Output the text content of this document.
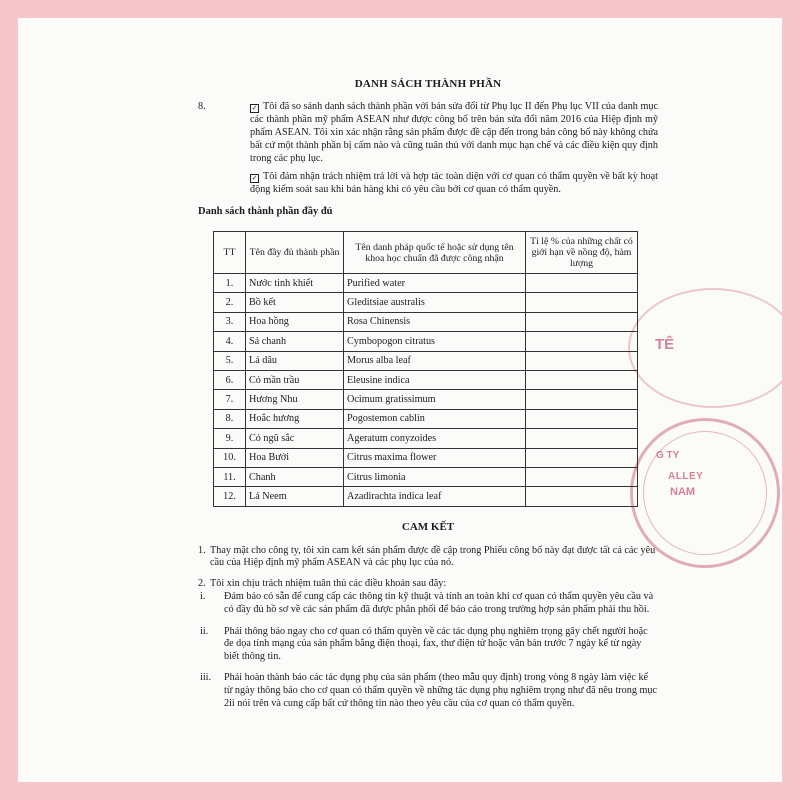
TÊ
G TY
ALLEY
NAM
DANH SÁCH THÀNH PHẦN
8.	✓ Tôi đã so sánh danh sách thành phần với bản sửa đổi từ Phụ lục II đến Phụ lục VII của danh mục các thành phần mỹ phẩm ASEAN như được công bố trên bản sửa đổi năm 2016 của Hiệp định mỹ phẩm ASEAN. Tôi xin xác nhận rằng sản phẩm được đề cập đến trong bản công bố này không chứa bất cứ một thành phần bị cấm nào và cũng tuân thủ với danh mục hạn chế và các điều kiện quy định trong các phụ lục.
✓ Tôi đảm nhận trách nhiệm trả lời và hợp tác toàn diện với cơ quan có thẩm quyền về bất kỳ hoạt động kiểm soát sau khi bán hàng khi có yêu cầu bởi cơ quan có thẩm quyền.
Danh sách thành phần đầy đủ
TT	Tên đầy đủ thành phần	Tên danh pháp quốc tế hoặc sử dụng tên khoa học chuẩn đã được công nhận	Tỉ lệ % của những chất có giới hạn về nồng độ, hàm lượng
1.	Nước tinh khiết	Purified water	
2.	Bồ kết	Gleditsiae australis	
3.	Hoa hồng	Rosa Chinensis	
4.	Sả chanh	Cymbopogon citratus	
5.	Lá dâu	Morus alba leaf	
6.	Cỏ mần trầu	Eleusine indica	
7.	Hương Nhu	Ocimum gratissimum	
8.	Hoắc hương	Pogostemon cablin	
9.	Cỏ ngũ sắc	Ageratum conyzoides	
10.	Hoa Bưởi	Citrus maxima flower	
11.	Chanh	Citrus limonia	
12.	Lá Neem	Azadirachta indica leaf	
CAM KẾT
1. Thay mặt cho công ty, tôi xin cam kết sản phẩm được đề cập trong Phiếu công bố này đạt được tất cả các yêu cầu của Hiệp định mỹ phẩm ASEAN và các phụ lục của nó.
2. Tôi xin chịu trách nhiệm tuân thủ các điều khoản sau đây:
i. Đảm bảo có sẵn để cung cấp các thông tin kỹ thuật và tính an toàn khi cơ quan có thẩm quyền yêu cầu và có đầy đủ hồ sơ về các sản phẩm đã được phân phối để báo cáo trong trường hợp sản phẩm phải thu hồi.
ii. Phải thông báo ngay cho cơ quan có thẩm quyền về các tác dụng phụ nghiêm trọng gây chết người hoặc đe dọa tính mạng của sản phẩm bằng điện thoại, fax, thư điện tử hoặc văn bản trước 7 ngày kể từ ngày biết thông tin.
iii. Phải hoàn thành báo các tác dụng phụ của sản phẩm (theo mẫu quy định) trong vòng 8 ngày làm việc kể từ ngày thông báo cho cơ quan có thẩm quyền về những tác dụng phụ nghiêm trọng như đã nêu trong mục 2ii nói trên và cung cấp bất cứ thông tin nào theo yêu cầu của cơ quan có thẩm quyền.
